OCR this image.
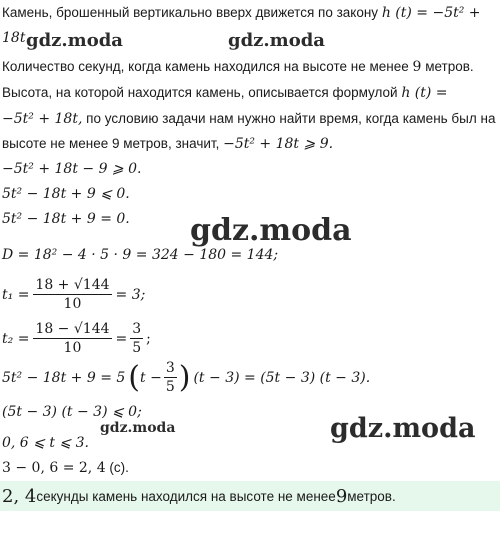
Камень, брошенный вертикально вверх движется по закону h (t) = −5t² +
18t.
Количество секунд, когда камень находился на высоте не менее 9 метров.
Высота, на которой находится камень, описывается формулой h (t) =
−5t² + 18t, по условию задачи нам нужно найти время, когда камень был на
высоте не менее 9 метров, значит, −5t² + 18t ⩾ 9.
−5t² + 18t − 9 ⩾ 0.
5t² − 18t + 9 ⩽ 0.
5t² − 18t + 9 = 0.
D = 18² − 4 · 5 · 9 = 324 − 180 = 144;
$t_1 = \frac{18 + √144}{10} = 3$;
$t_2 = \frac{18 - √144}{10} = \frac{3}{5}$ ;
5t² − 18t + 9 = 5 ( $t - \frac{3}{5}$ ) (t − 3) = (5t − 3) (t − 3).
(5t − 3) (t − 3) ⩽ 0;
0, 6 ⩽ t ⩽ 3.
3 − 0, 6 = 2, 4 (с).
2, 4 секунды камень находился на высоте не менее 9 метров.
gdz.moda	gdz.moda
gdz.moda
gdz.moda	gdz.moda
